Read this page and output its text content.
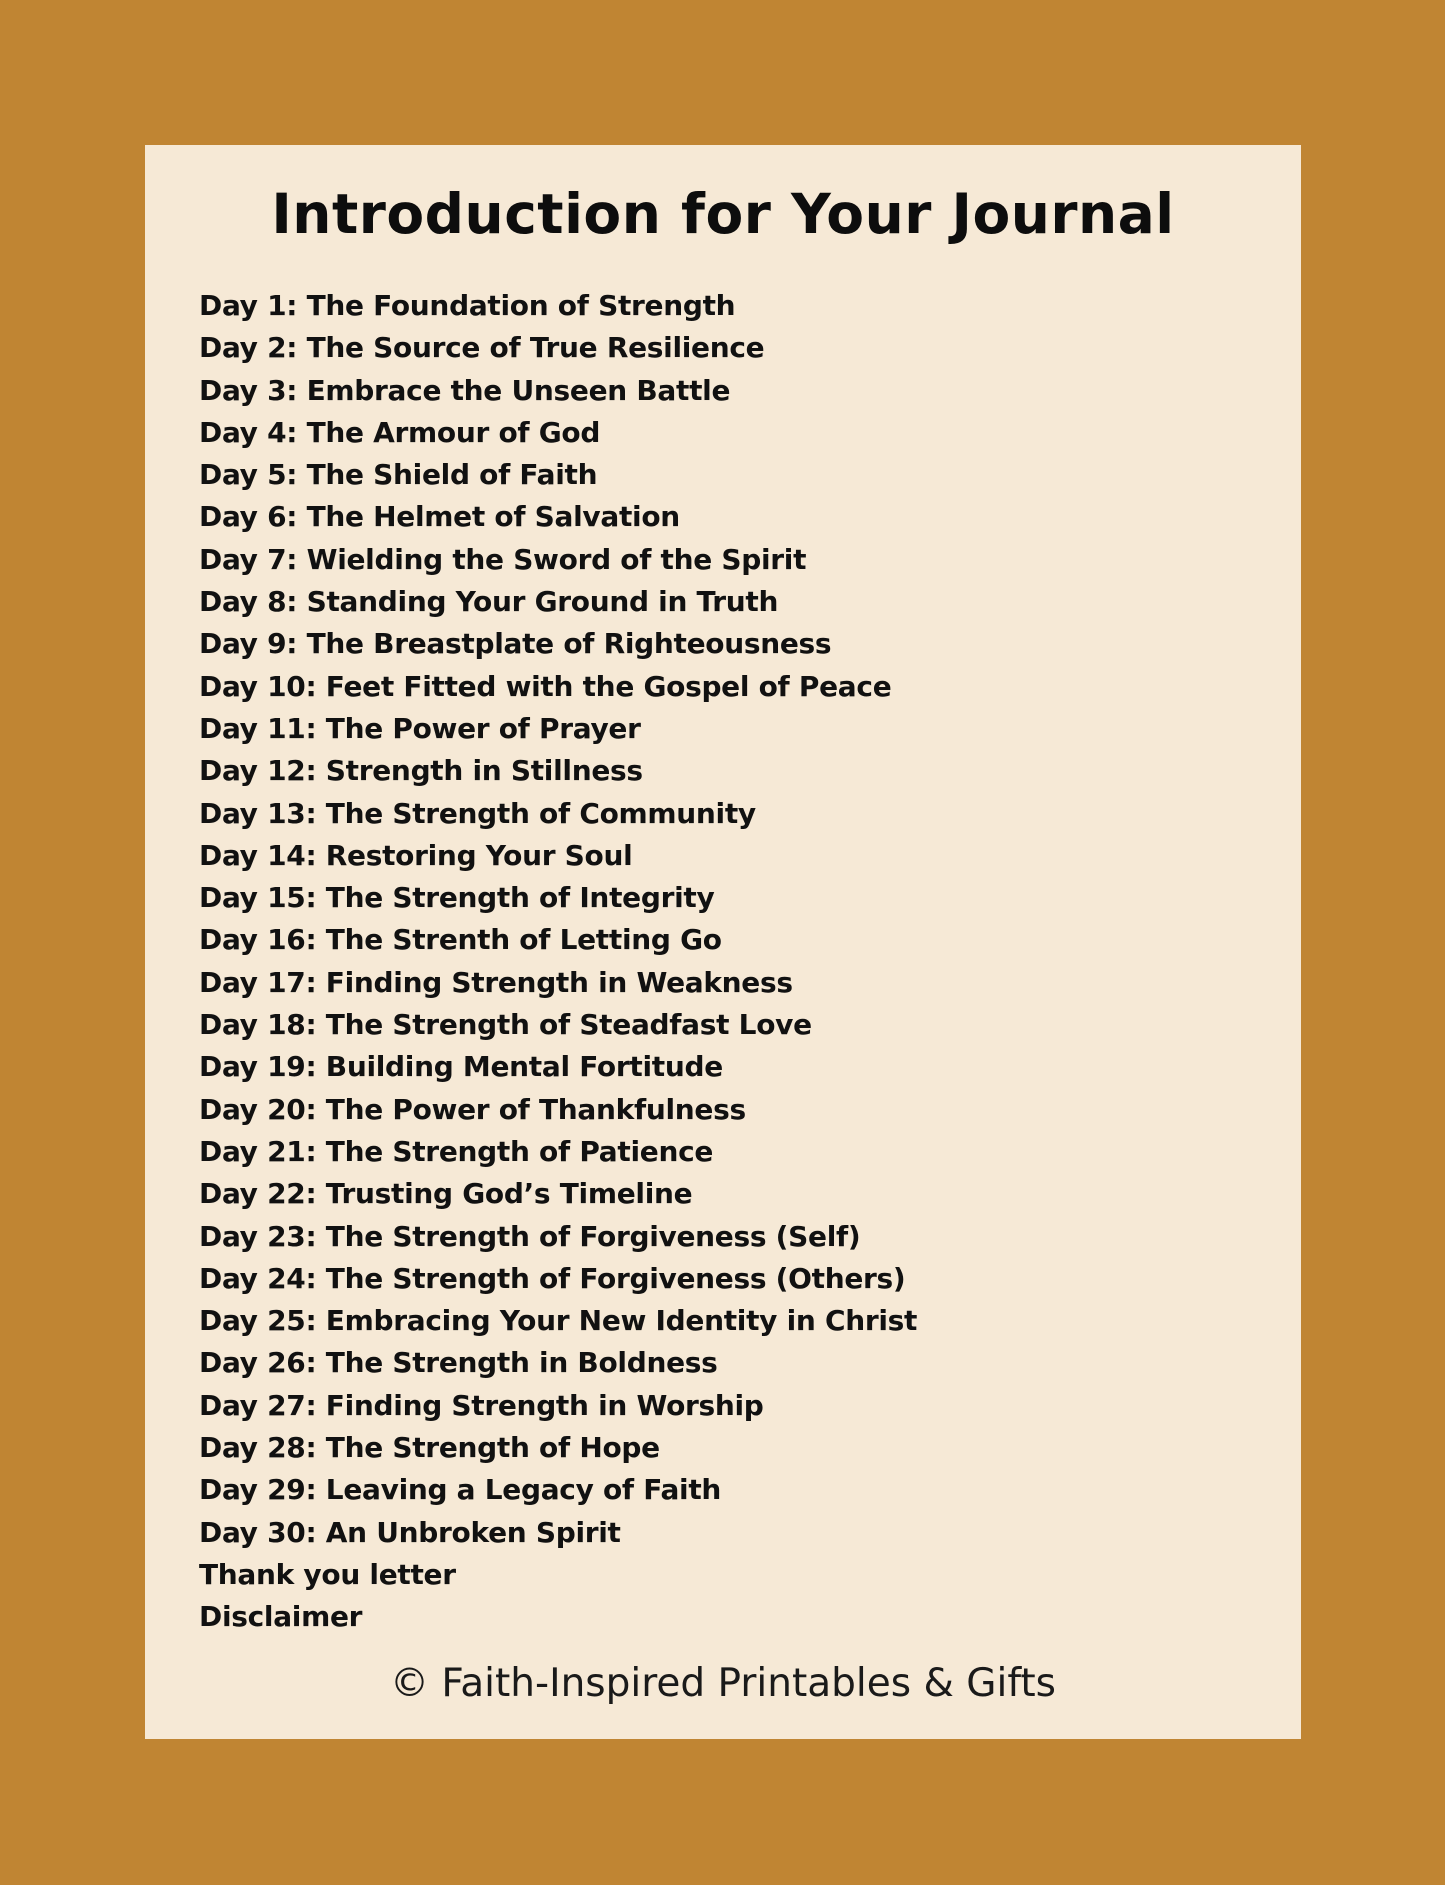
Introduction for Your Journal
Day 1: The Foundation of Strength
Day 2: The Source of True Resilience
Day 3: Embrace the Unseen Battle
Day 4: The Armour of God
Day 5: The Shield of Faith
Day 6: The Helmet of Salvation
Day 7: Wielding the Sword of the Spirit
Day 8: Standing Your Ground in Truth
Day 9: The Breastplate of Righteousness
Day 10: Feet Fitted with the Gospel of Peace
Day 11: The Power of Prayer
Day 12: Strength in Stillness
Day 13: The Strength of Community
Day 14: Restoring Your Soul
Day 15: The Strength of Integrity
Day 16: The Strenth of Letting Go
Day 17: Finding Strength in Weakness
Day 18: The Strength of Steadfast Love
Day 19: Building Mental Fortitude
Day 20: The Power of Thankfulness
Day 21: The Strength of Patience
Day 22: Trusting God’s Timeline
Day 23: The Strength of Forgiveness (Self)
Day 24: The Strength of Forgiveness (Others)
Day 25: Embracing Your New Identity in Christ
Day 26: The Strength in Boldness
Day 27: Finding Strength in Worship
Day 28: The Strength of Hope
Day 29: Leaving a Legacy of Faith
Day 30: An Unbroken Spirit
Thank you letter
Disclaimer

© Faith-Inspired Printables & Gifts
